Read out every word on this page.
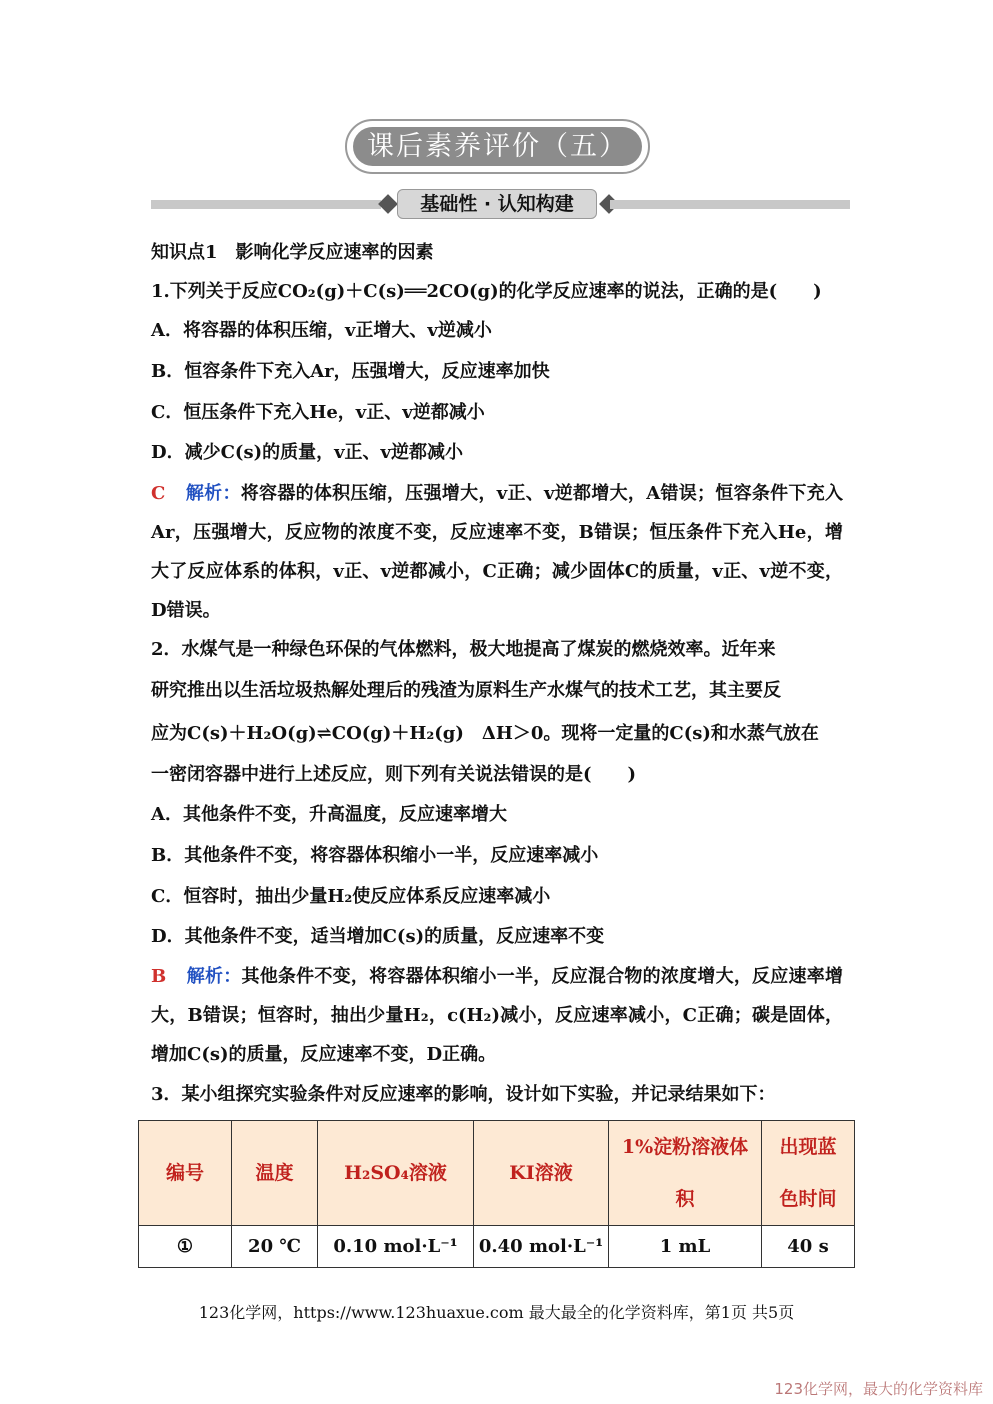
课后素养评价（五）
基础性 · 认知构建
知识点1　影响化学反应速率的因素
1.下列关于反应CO₂(g)＋C(s)══2CO(g)的化学反应速率的说法，正确的是(　　)
A．将容器的体积压缩，v正增大、v逆减小
B．恒容条件下充入Ar，压强增大，反应速率加快
C．恒压条件下充入He，v正、v逆都减小
D．减少C(s)的质量，v正、v逆都减小
C 解析：将容器的体积压缩，压强增大，v正、v逆都增大，A错误；恒容条件下充入Ar，压强增大，反应物的浓度不变，反应速率不变，B错误；恒压条件下充入He，增大了反应体系的体积，v正、v逆都减小，C正确；减少固体C的质量，v正、v逆不变，D错误。
2．水煤气是一种绿色环保的气体燃料，极大地提高了煤炭的燃烧效率。近年来
研究推出以生活垃圾热解处理后的残渣为原料生产水煤气的技术工艺，其主要反
应为C(s)＋H₂O(g)⇌CO(g)＋H₂(g)　ΔH＞0。现将一定量的C(s)和水蒸气放在
一密闭容器中进行上述反应，则下列有关说法错误的是(　　)
A．其他条件不变，升高温度，反应速率增大
B．其他条件不变，将容器体积缩小一半，反应速率减小
C．恒容时，抽出少量H₂使反应体系反应速率减小
D．其他条件不变，适当增加C(s)的质量，反应速率不变
B 解析：其他条件不变，将容器体积缩小一半，反应混合物的浓度增大，反应速率增大，B错误；恒容时，抽出少量H₂，c(H₂)减小，反应速率减小，C正确；碳是固体，增加C(s)的质量，反应速率不变，D正确。
3．某小组探究实验条件对反应速率的影响，设计如下实验，并记录结果如下：
编号	温度	H₂SO₄溶液	KI溶液	1%淀粉溶液体积	出现蓝色时间
①	20 ℃	0.10 mol·L⁻¹	0.40 mol·L⁻¹	1 mL	40 s
123化学网，https://www.123huaxue.com 最大最全的化学资料库，第1页 共5页
123化学网，最大的化学资料库
